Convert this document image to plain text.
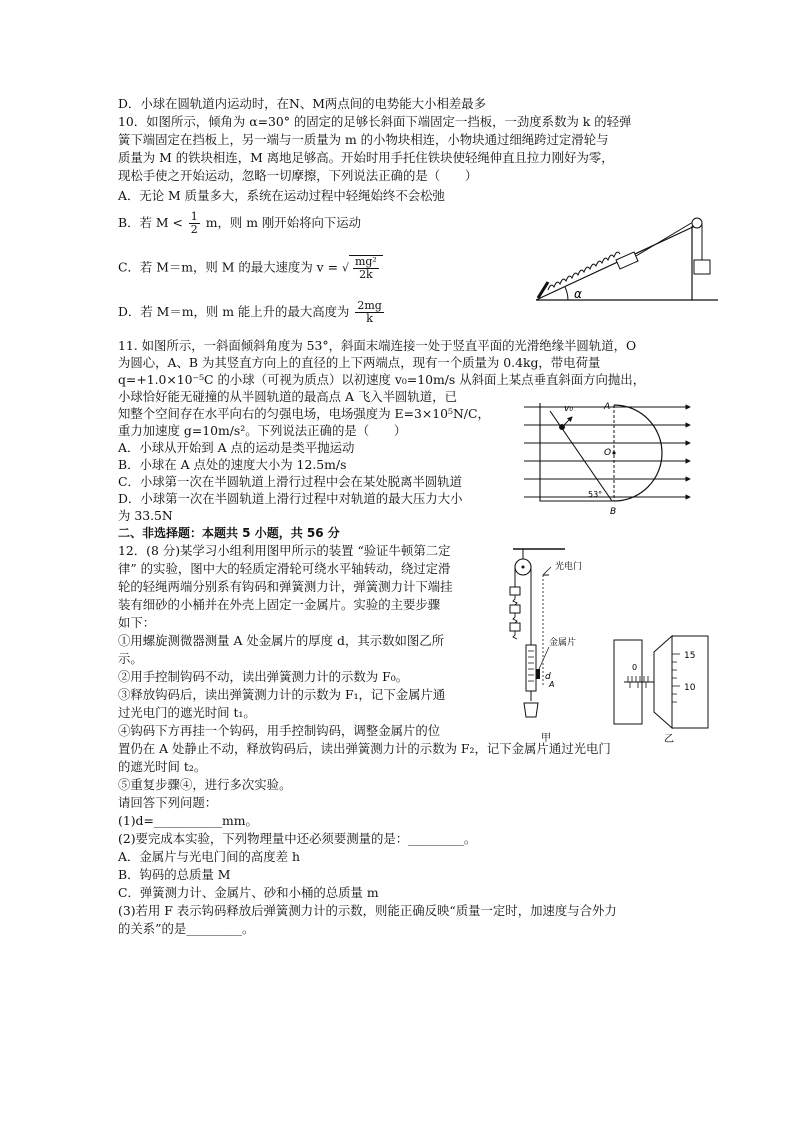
D．小球在圆轨道内运动时，在N、M两点间的电势能大小相差最多
10．如图所示，倾角为 α=30° 的固定的足够长斜面下端固定一挡板，一劲度系数为 k 的轻弹
簧下端固定在挡板上，另一端与一质量为 m 的小物块相连，小物块通过细绳跨过定滑轮与
质量为 M 的铁块相连，M 离地足够高。开始时用手托住铁块使轻绳伸直且拉力刚好为零，
现松手使之开始运动，忽略一切摩擦，下列说法正确的是（　　）
A．无论 M 质量多大，系统在运动过程中轻绳始终不会松弛
B．若 $M < \frac{1}{2}$ m，则 m 刚开始将向下运动
C．若 M＝m，则 M 的最大速度为 v = √ $\frac{\text{mg²}}{2k}$
D．若 M＝m，则 m 能上升的最大高度为 $\frac{2mg}{k}$
α
11. 如图所示，一斜面倾斜角度为 53°，斜面末端连接一处于竖直平面的光滑绝缘半圆轨道，O
为圆心，A、B 为其竖直方向上的直径的上下两端点，现有一个质量为 0.4kg，带电荷量
q=+1.0×10⁻⁵C 的小球（可视为质点）以初速度 v₀=10m/s 从斜面上某点垂直斜面方向抛出，
小球恰好能无碰撞的从半圆轨道的最高点 A 飞入半圆轨道，已
知整个空间存在水平向右的匀强电场，电场强度为 E=3×10⁵N/C，
重力加速度 g=10m/s²。下列说法正确的是（　　）
A．小球从开始到 A 点的运动是类平抛运动
B．小球在 A 点处的速度大小为 12.5m/s
C．小球第一次在半圆轨道上滑行过程中会在某处脱离半圆轨道
D．小球第一次在半圆轨道上滑行过程中对轨道的最大压力大小
为 33.5N
v₀	A
O
B
53°
二、非选择题：本题共 5 小题，共 56 分
12．(8 分)某学习小组利用图甲所示的装置 “验证牛顿第二定
律” 的实验，图中大的轻质定滑轮可绕水平轴转动，绕过定滑
轮的轻绳两端分别系有钩码和弹簧测力计，弹簧测力计下端挂
装有细砂的小桶并在外壳上固定一金属片。实验的主要步骤
如下：
①用螺旋测微器测量 A 处金属片的厚度 d，其示数如图乙所
示。
②用手控制钩码不动，读出弹簧测力计的示数为 F₀。
③释放钩码后，读出弹簧测力计的示数为 F₁，记下金属片通
过光电门的遮光时间 t₁。
④钩码下方再挂一个钩码，用手控制钩码，调整金属片的位
置仍在 A 处静止不动，释放钩码后，读出弹簧测力计的示数为 F₂，记下金属片通过光电门
的遮光时间 t₂。
⑤重复步骤④，进行多次实验。
请回答下列问题：
(1)d=___________mm。
(2)要完成本实验，下列物理量中还必须要测量的是：_________。
A．金属片与光电门间的高度差 h
B．钩码的总质量 M
C．弹簧测力计、金属片、砂和小桶的总质量 m
(3)若用 F 表示钩码释放后弹簧测力计的示数，则能正确反映“质量一定时，加速度与合外力
的关系”的是_________。
光电门
金属片
d
A
甲
0
15
10
乙
